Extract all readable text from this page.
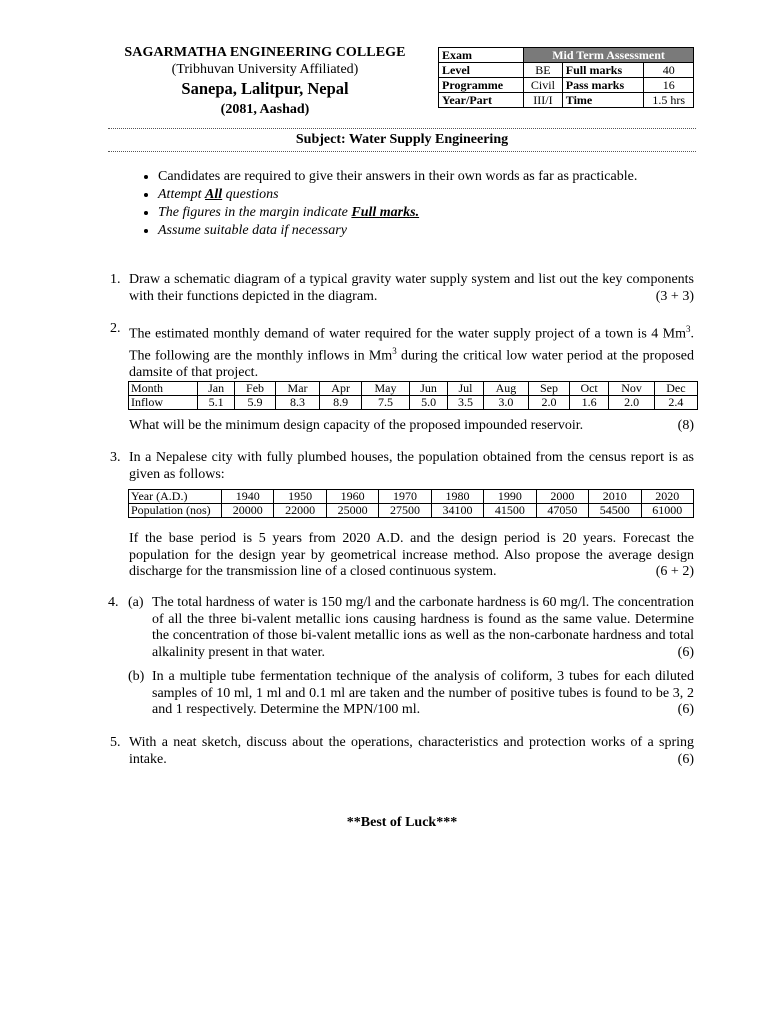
SAGARMATHA ENGINEERING COLLEGE
(Tribhuvan University Affiliated)
Sanepa, Lalitpur, Nepal
(2081, Aashad)
Exam	Mid Term Assessment		
Level	BE	Full marks	40
Programme	Civil	Pass marks	16
Year/Part	III/I	Time	1.5 hrs
Subject: Water Supply Engineering
• Candidates are required to give their answers in their own words as far as practicable.
• Attempt All questions
• The figures in the margin indicate Full marks.
• Assume suitable data if necessary
1. Draw a schematic diagram of a typical gravity water supply system and list out the key components with their functions depicted in the diagram.	(3 + 3)
2. The estimated monthly demand of water required for the water supply project of a town is 4 Mm$^3$. The following are the monthly inflows in Mm$^3$ during the critical low water period at the proposed damsite of that project.
Month	Jan	Feb	Mar	Apr	May	Jun	Jul	Aug	Sep	Oct	Nov	Dec
Inflow	5.1	5.9	8.3	8.9	7.5	5.0	3.5	3.0	2.0	1.6	2.0	2.4
What will be the minimum design capacity of the proposed impounded reservoir.	(8)
3. In a Nepalese city with fully plumbed houses, the population obtained from the census report is as given as follows:
Year (A.D.)	1940	1950	1960	1970	1980	1990	2000	2010	2020
Population (nos)	20000	22000	25000	27500	34100	41500	47050	54500	61000
If the base period is 5 years from 2020 A.D. and the design period is 20 years. Forecast the population for the design year by geometrical increase method. Also propose the average design discharge for the transmission line of a closed continuous system.	(6 + 2)
4. (a) The total hardness of water is 150 mg/l and the carbonate hardness is 60 mg/l. The concentration of all the three bi-valent metallic ions causing hardness is found as the same value. Determine the concentration of those bi-valent metallic ions as well as the non-carbonate hardness and total alkalinity present in that water.	(6)
(b) In a multiple tube fermentation technique of the analysis of coliform, 3 tubes for each diluted samples of 10 ml, 1 ml and 0.1 ml are taken and the number of positive tubes is found to be 3, 2 and 1 respectively. Determine the MPN/100 ml.	(6)
5. With a neat sketch, discuss about the operations, characteristics and protection works of a spring intake.	(6)
**Best of Luck***
